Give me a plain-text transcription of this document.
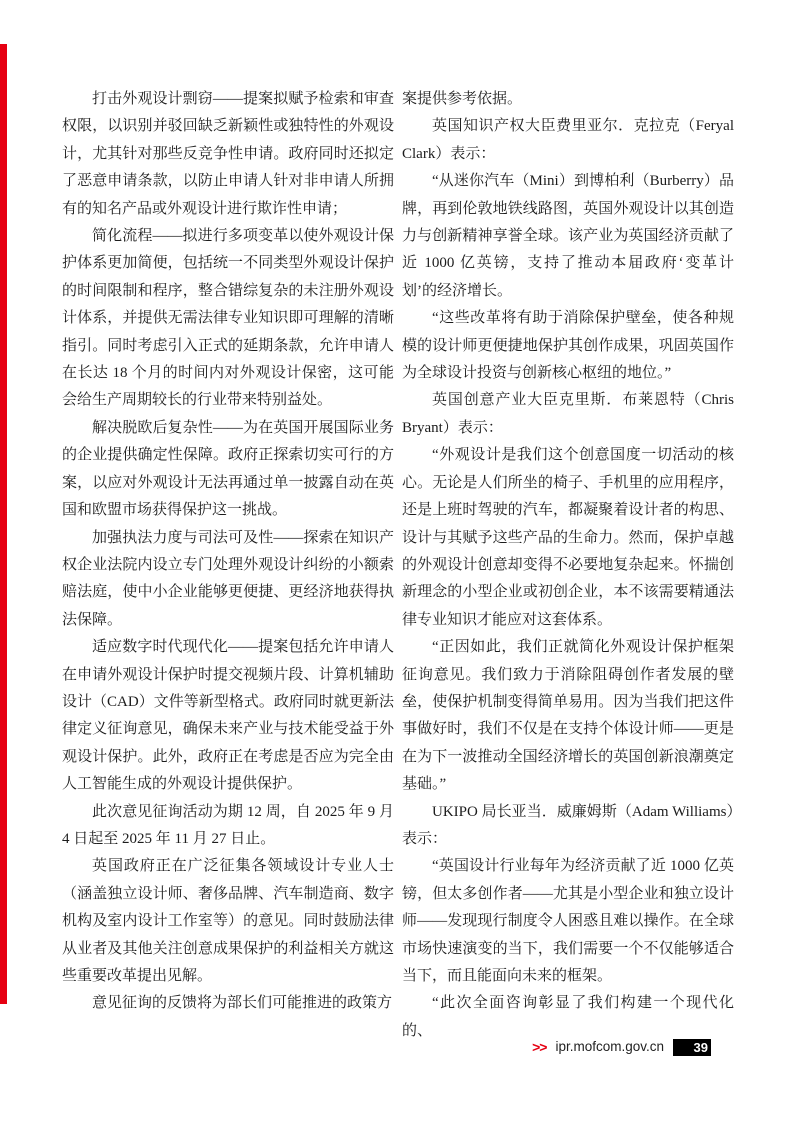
打击外观设计剽窃——提案拟赋予检索和审查权限，以识别并驳回缺乏新颖性或独特性的外观设计，尤其针对那些反竞争性申请。政府同时还拟定了恶意申请条款，以防止申请人针对非申请人所拥有的知名产品或外观设计进行欺诈性申请；

简化流程——拟进行多项变革以使外观设计保护体系更加简便，包括统一不同类型外观设计保护的时间限制和程序，整合错综复杂的未注册外观设计体系，并提供无需法律专业知识即可理解的清晰指引。同时考虑引入正式的延期条款，允许申请人在长达 18 个月的时间内对外观设计保密，这可能会给生产周期较长的行业带来特别益处。

解决脱欧后复杂性——为在英国开展国际业务的企业提供确定性保障。政府正探索切实可行的方案，以应对外观设计无法再通过单一披露自动在英国和欧盟市场获得保护这一挑战。

加强执法力度与司法可及性——探索在知识产权企业法院内设立专门处理外观设计纠纷的小额索赔法庭，使中小企业能够更便捷、更经济地获得执法保障。

适应数字时代现代化——提案包括允许申请人在申请外观设计保护时提交视频片段、计算机辅助设计（CAD）文件等新型格式。政府同时就更新法律定义征询意见，确保未来产业与技术能受益于外观设计保护。此外，政府正在考虑是否应为完全由人工智能生成的外观设计提供保护。

此次意见征询活动为期 12 周，自 2025 年 9 月 4 日起至 2025 年 11 月 27 日止。

英国政府正在广泛征集各领域设计专业人士（涵盖独立设计师、奢侈品牌、汽车制造商、数字机构及室内设计工作室等）的意见。同时鼓励法律从业者及其他关注创意成果保护的利益相关方就这些重要改革提出见解。

意见征询的反馈将为部长们可能推进的政策方

案提供参考依据。

英国知识产权大臣费里亚尔．克拉克（Feryal Clark）表示：

“从迷你汽车（Mini）到博柏利（Burberry）品牌，再到伦敦地铁线路图，英国外观设计以其创造力与创新精神享誉全球。该产业为英国经济贡献了近 1000 亿英镑，支持了推动本届政府‘变革计划’的经济增长。

“这些改革将有助于消除保护壁垒，使各种规模的设计师更便捷地保护其创作成果，巩固英国作为全球设计投资与创新核心枢纽的地位。”

英国创意产业大臣克里斯．布莱恩特（Chris Bryant）表示：

“外观设计是我们这个创意国度一切活动的核心。无论是人们所坐的椅子、手机里的应用程序，还是上班时驾驶的汽车，都凝聚着设计者的构思、设计与其赋予这些产品的生命力。然而，保护卓越的外观设计创意却变得不必要地复杂起来。怀揣创新理念的小型企业或初创企业，本不该需要精通法律专业知识才能应对这套体系。

“正因如此，我们正就简化外观设计保护框架征询意见。我们致力于消除阻碍创作者发展的壁垒，使保护机制变得简单易用。因为当我们把这件事做好时，我们不仅是在支持个体设计师——更是在为下一波推动全国经济增长的英国创新浪潮奠定基础。”

UKIPO 局长亚当．威廉姆斯（Adam Williams）表示：

“英国设计行业每年为经济贡献了近 1000 亿英镑，但太多创作者——尤其是小型企业和独立设计师——发现现行制度令人困惑且难以操作。在全球市场快速演变的当下，我们需要一个不仅能够适合当下，而且能面向未来的框架。

“此次全面咨询彰显了我们构建一个现代化的、

>> ipr.mofcom.gov.cn	39
